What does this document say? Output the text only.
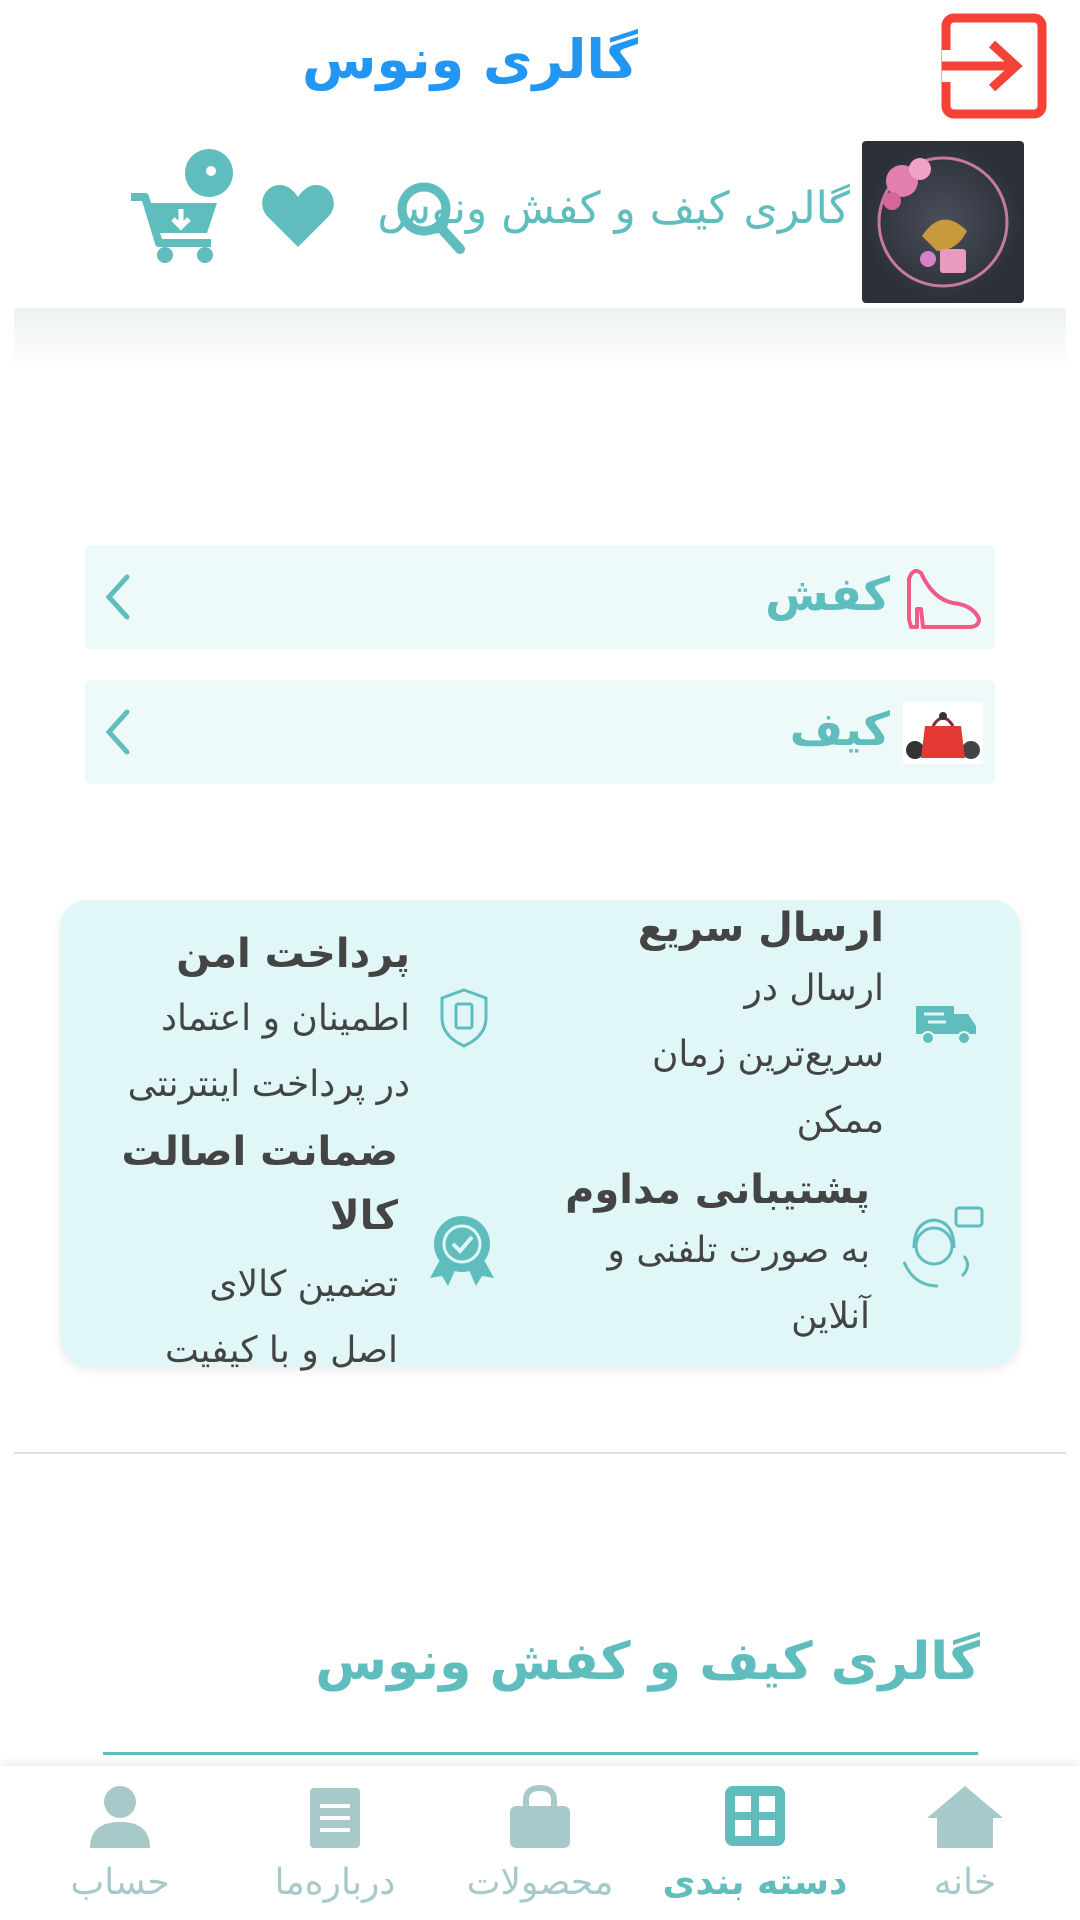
گالری ونوس
گالری کیف و کفش ونوس
کفش
کیف
ارسال سریع
ارسال در
سریع‌ترین زمان
ممکن
پرداخت امن
اطمینان و اعتماد
در پرداخت اینترنتی
پشتیبانی مداوم
به صورت تلفنی و
آنلاین
ضمانت اصالت
کالا
تضمین کالای
اصل و با کیفیت
گالری کیف و کفش ونوس
خانه
دسته بندی
محصولات
درباره‌ما
حساب
